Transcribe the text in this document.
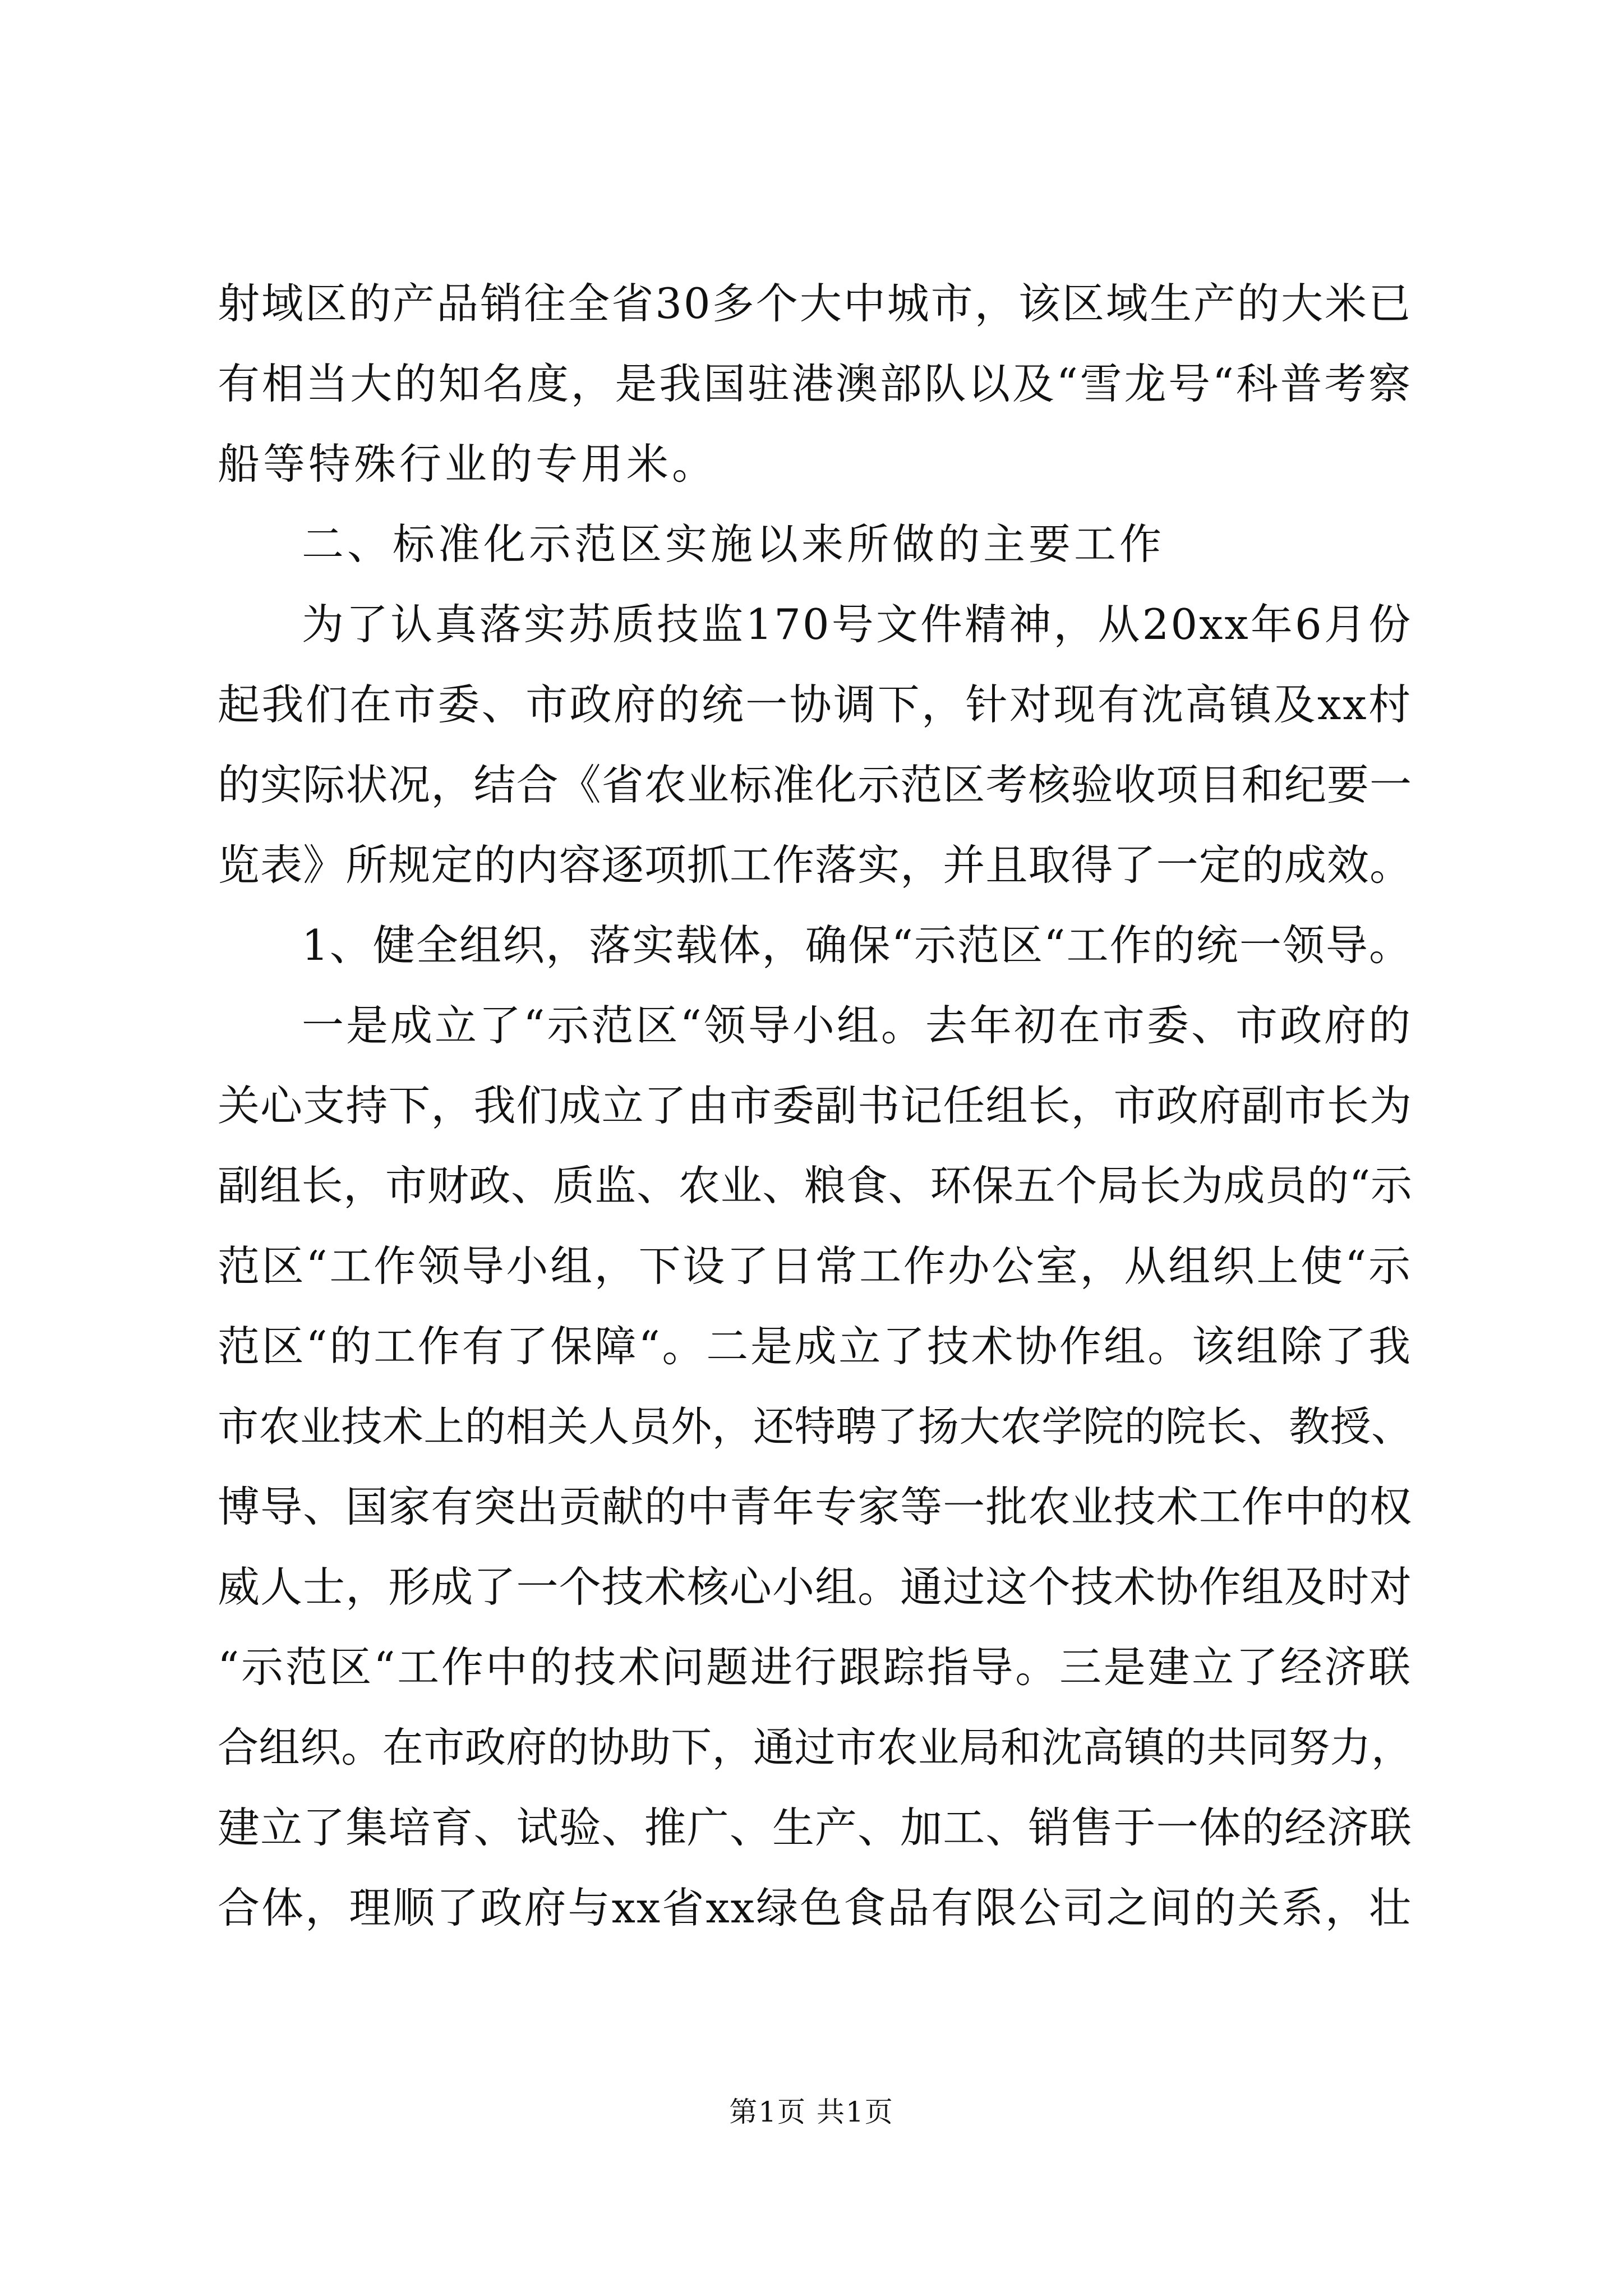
射域区的产品销往全省30多个大中城市，该区域生产的大米已
有相当大的知名度，是我国驻港澳部队以及“雪龙号“科普考察
船等特殊行业的专用米。
二、标准化示范区实施以来所做的主要工作
为了认真落实苏质技监170号文件精神，从20xx年6月份
起我们在市委、市政府的统一协调下，针对现有沈高镇及xx村
的实际状况，结合《省农业标准化示范区考核验收项目和纪要一
览表》所规定的内容逐项抓工作落实，并且取得了一定的成效。
1、健全组织，落实载体，确保“示范区“工作的统一领导。
一是成立了“示范区“领导小组。去年初在市委、市政府的
关心支持下，我们成立了由市委副书记任组长，市政府副市长为
副组长，市财政、质监、农业、粮食、环保五个局长为成员的“示
范区“工作领导小组，下设了日常工作办公室，从组织上使“示
范区“的工作有了保障“。二是成立了技术协作组。该组除了我
市农业技术上的相关人员外，还特聘了扬大农学院的院长、教授、
博导、国家有突出贡献的中青年专家等一批农业技术工作中的权
威人士，形成了一个技术核心小组。通过这个技术协作组及时对
“示范区“工作中的技术问题进行跟踪指导。三是建立了经济联
合组织。在市政府的协助下，通过市农业局和沈高镇的共同努力，
建立了集培育、试验、推广、生产、加工、销售于一体的经济联
合体，理顺了政府与xx省xx绿色食品有限公司之间的关系，壮
第1页 共1页
